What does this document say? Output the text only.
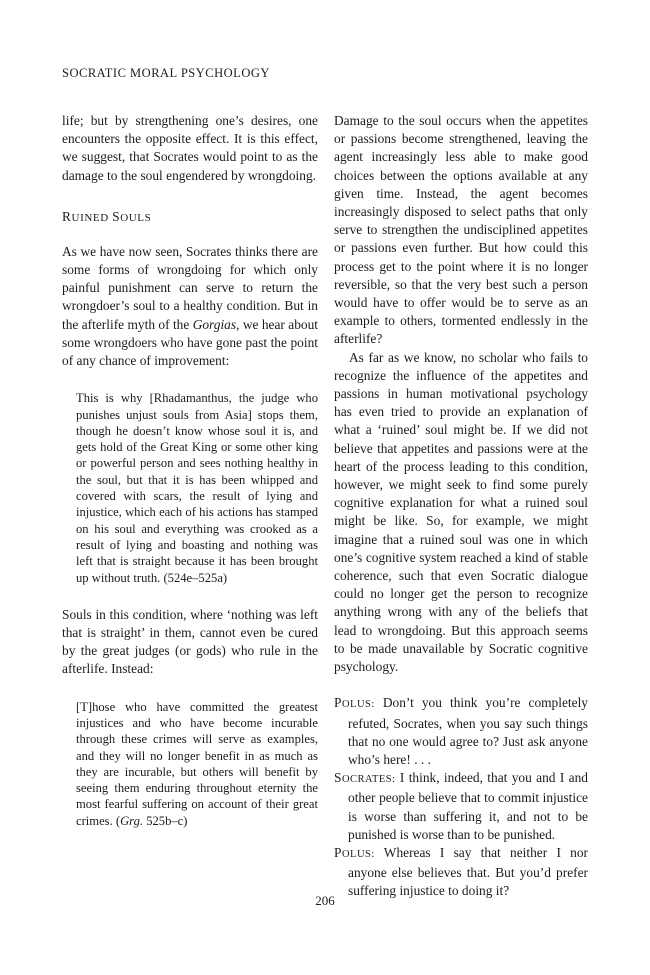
SOCRATIC MORAL PSYCHOLOGY

life; but by strengthening one’s desires, one encounters the opposite effect. It is this effect, we suggest, that Socrates would point to as the damage to the soul engendered by wrongdoing.

RUINED SOULS

As we have now seen, Socrates thinks there are some forms of wrongdoing for which only painful punishment can serve to return the wrongdoer’s soul to a healthy condition. But in the afterlife myth of the Gorgias, we hear about some wrongdoers who have gone past the point of any chance of improvement:

This is why [Rhadamanthus, the judge who punishes unjust souls from Asia] stops them, though he doesn’t know whose soul it is, and gets hold of the Great King or some other king or powerful person and sees nothing healthy in the soul, but that it is has been whipped and covered with scars, the result of lying and injustice, which each of his actions has stamped on his soul and everything was crooked as a result of lying and boasting and nothing was left that is straight because it has been brought up without truth. (524e–525a)

Souls in this condition, where ‘nothing was left that is straight’ in them, cannot even be cured by the great judges (or gods) who rule in the afterlife. Instead:

[T]hose who have committed the greatest injustices and who have become incurable through these crimes will serve as examples, and they will no longer benefit in as much as they are incurable, but others will benefit by seeing them enduring throughout eternity the most fearful suffering on account of their great crimes. (Grg. 525b–c)

Damage to the soul occurs when the appetites or passions become strengthened, leaving the agent increasingly less able to make good choices between the options available at any given time. Instead, the agent becomes increasingly disposed to select paths that only serve to strengthen the undisciplined appetites or passions even further. But how could this process get to the point where it is no longer reversible, so that the very best such a person would have to offer would be to serve as an example to others, tormented endlessly in the afterlife?

As far as we know, no scholar who fails to recognize the influence of the appetites and passions in human motivational psychology has even tried to provide an explanation of what a ‘ruined’ soul might be. If we did not believe that appetites and passions were at the heart of the process leading to this condition, however, we might seek to find some purely cognitive explanation for what a ruined soul might be like. So, for example, we might imagine that a ruined soul was one in which one’s cognitive system reached a kind of stable coherence, such that even Socratic dialogue could no longer get the person to recognize anything wrong with any of the beliefs that lead to wrongdoing. But this approach seems to be made unavailable by Socratic cognitive psychology.

POLUS: Don’t you think you’re completely refuted, Socrates, when you say such things that no one would agree to? Just ask anyone who’s here! . . .

SOCRATES: I think, indeed, that you and I and other people believe that to commit injustice is worse than suffering it, and not to be punished is worse than to be punished.

POLUS: Whereas I say that neither I nor anyone else believes that. But you’d prefer suffering injustice to doing it?

206
